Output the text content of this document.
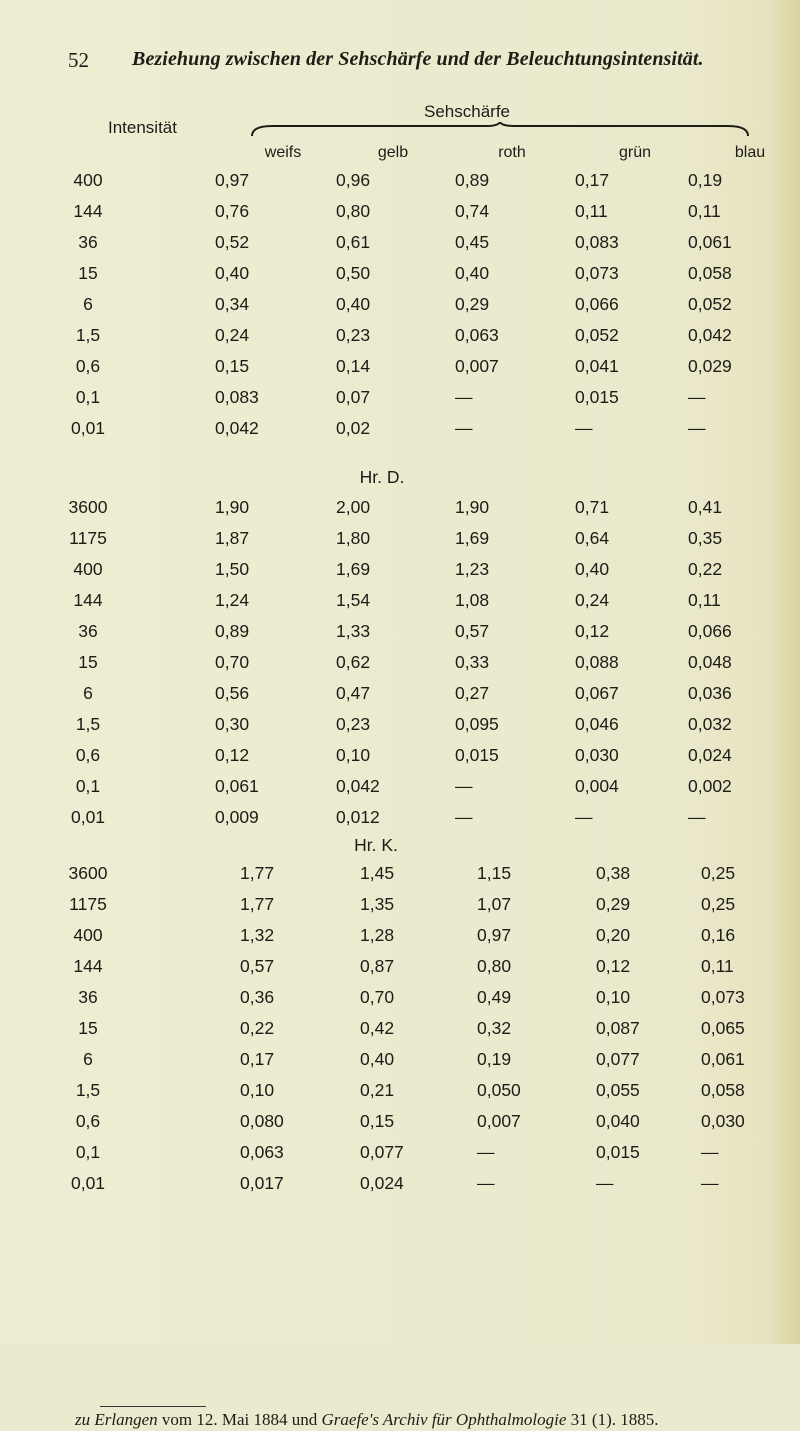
52 Beziehung zwischen der Sehschärfe und der Beleuchtungsintensität.
Intensität
Sehschärfe
weifs	gelb	roth	grün	blau
400	0,97	0,96	0,89	0,17	0,19

144	0,76	0,80	0,74	0,11	0,11

36	0,52	0,61	0,45	0,083	0,061

15	0,40	0,50	0,40	0,073	0,058

6	0,34	0,40	0,29	0,066	0,052

1,5	0,24	0,23	0,063	0,052	0,042

0,6	0,15	0,14	0,007	0,041	0,029

0,1	0,083	0,07	—	0,015	—

0,01	0,042	0,02	—	—	—
Hr. D.
3600	1,90	2,00	1,90	0,71	0,41

1175	1,87	1,80	1,69	0,64	0,35

400	1,50	1,69	1,23	0,40	0,22

144	1,24	1,54	1,08	0,24	0,11

36	0,89	1,33	0,57	0,12	0,066

15	0,70	0,62	0,33	0,088	0,048

6	0,56	0,47	0,27	0,067	0,036

1,5	0,30	0,23	0,095	0,046	0,032

0,6	0,12	0,10	0,015	0,030	0,024

0,1	0,061	0,042	—	0,004	0,002

0,01	0,009	0,012	—	—	—
Hr. K.
3600	1,77	1,45	1,15	0,38	0,25

1175	1,77	1,35	1,07	0,29	0,25

400	1,32	1,28	0,97	0,20	0,16

144	0,57	0,87	0,80	0,12	0,11

36	0,36	0,70	0,49	0,10	0,073

15	0,22	0,42	0,32	0,087	0,065

6	0,17	0,40	0,19	0,077	0,061

1,5	0,10	0,21	0,050	0,055	0,058

0,6	0,080	0,15	0,007	0,040	0,030

0,1	0,063	0,077	—	0,015	—

0,01	0,017	0,024	—	—	—
zu Erlangen vom 12. Mai 1884 und Graefe's Archiv für Ophthalmologie 31 (1). 1885.
